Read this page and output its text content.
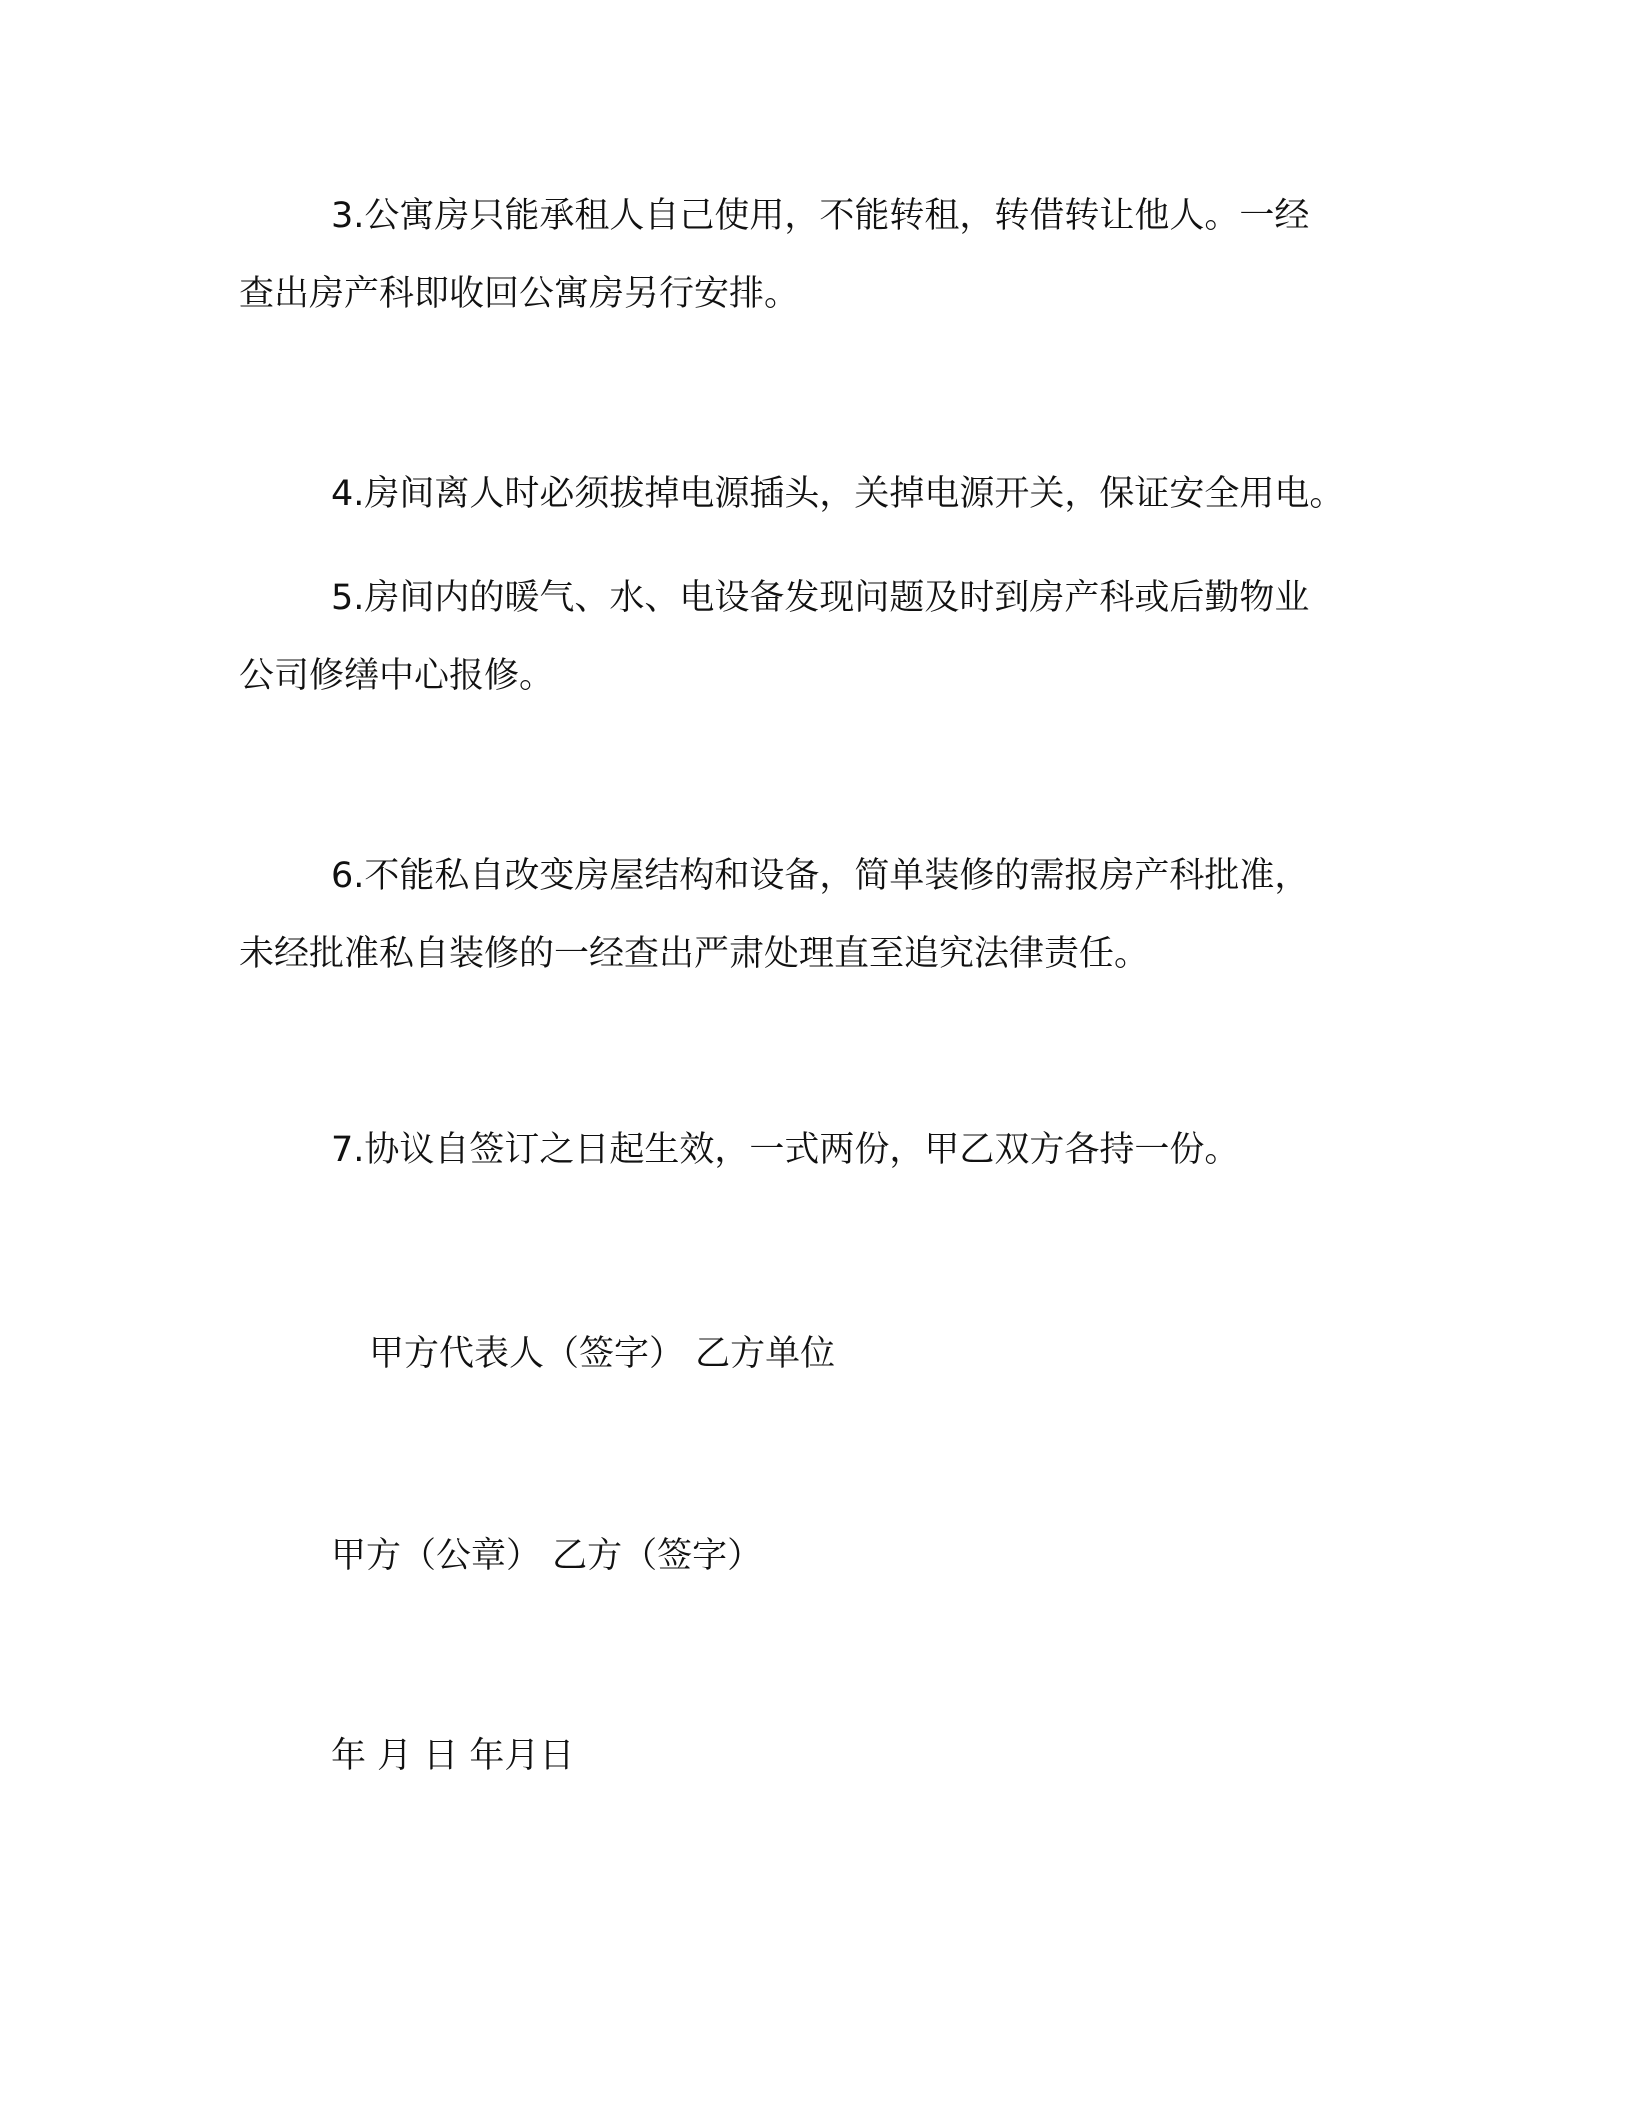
3.公寓房只能承租人自己使用，不能转租，转借转让他人。一经
查出房产科即收回公寓房另行安排。
4.房间离人时必须拔掉电源插头，关掉电源开关，保证安全用电。
5.房间内的暖气、水、电设备发现问题及时到房产科或后勤物业
公司修缮中心报修。
6.不能私自改变房屋结构和设备，简单装修的需报房产科批准，
未经批准私自装修的一经查出严肃处理直至追究法律责任。
7.协议自签订之日起生效，一式两份，甲乙双方各持一份。
甲方代表人（签字） 乙方单位
甲方（公章） 乙方（签字）
年 月 日 年月日
